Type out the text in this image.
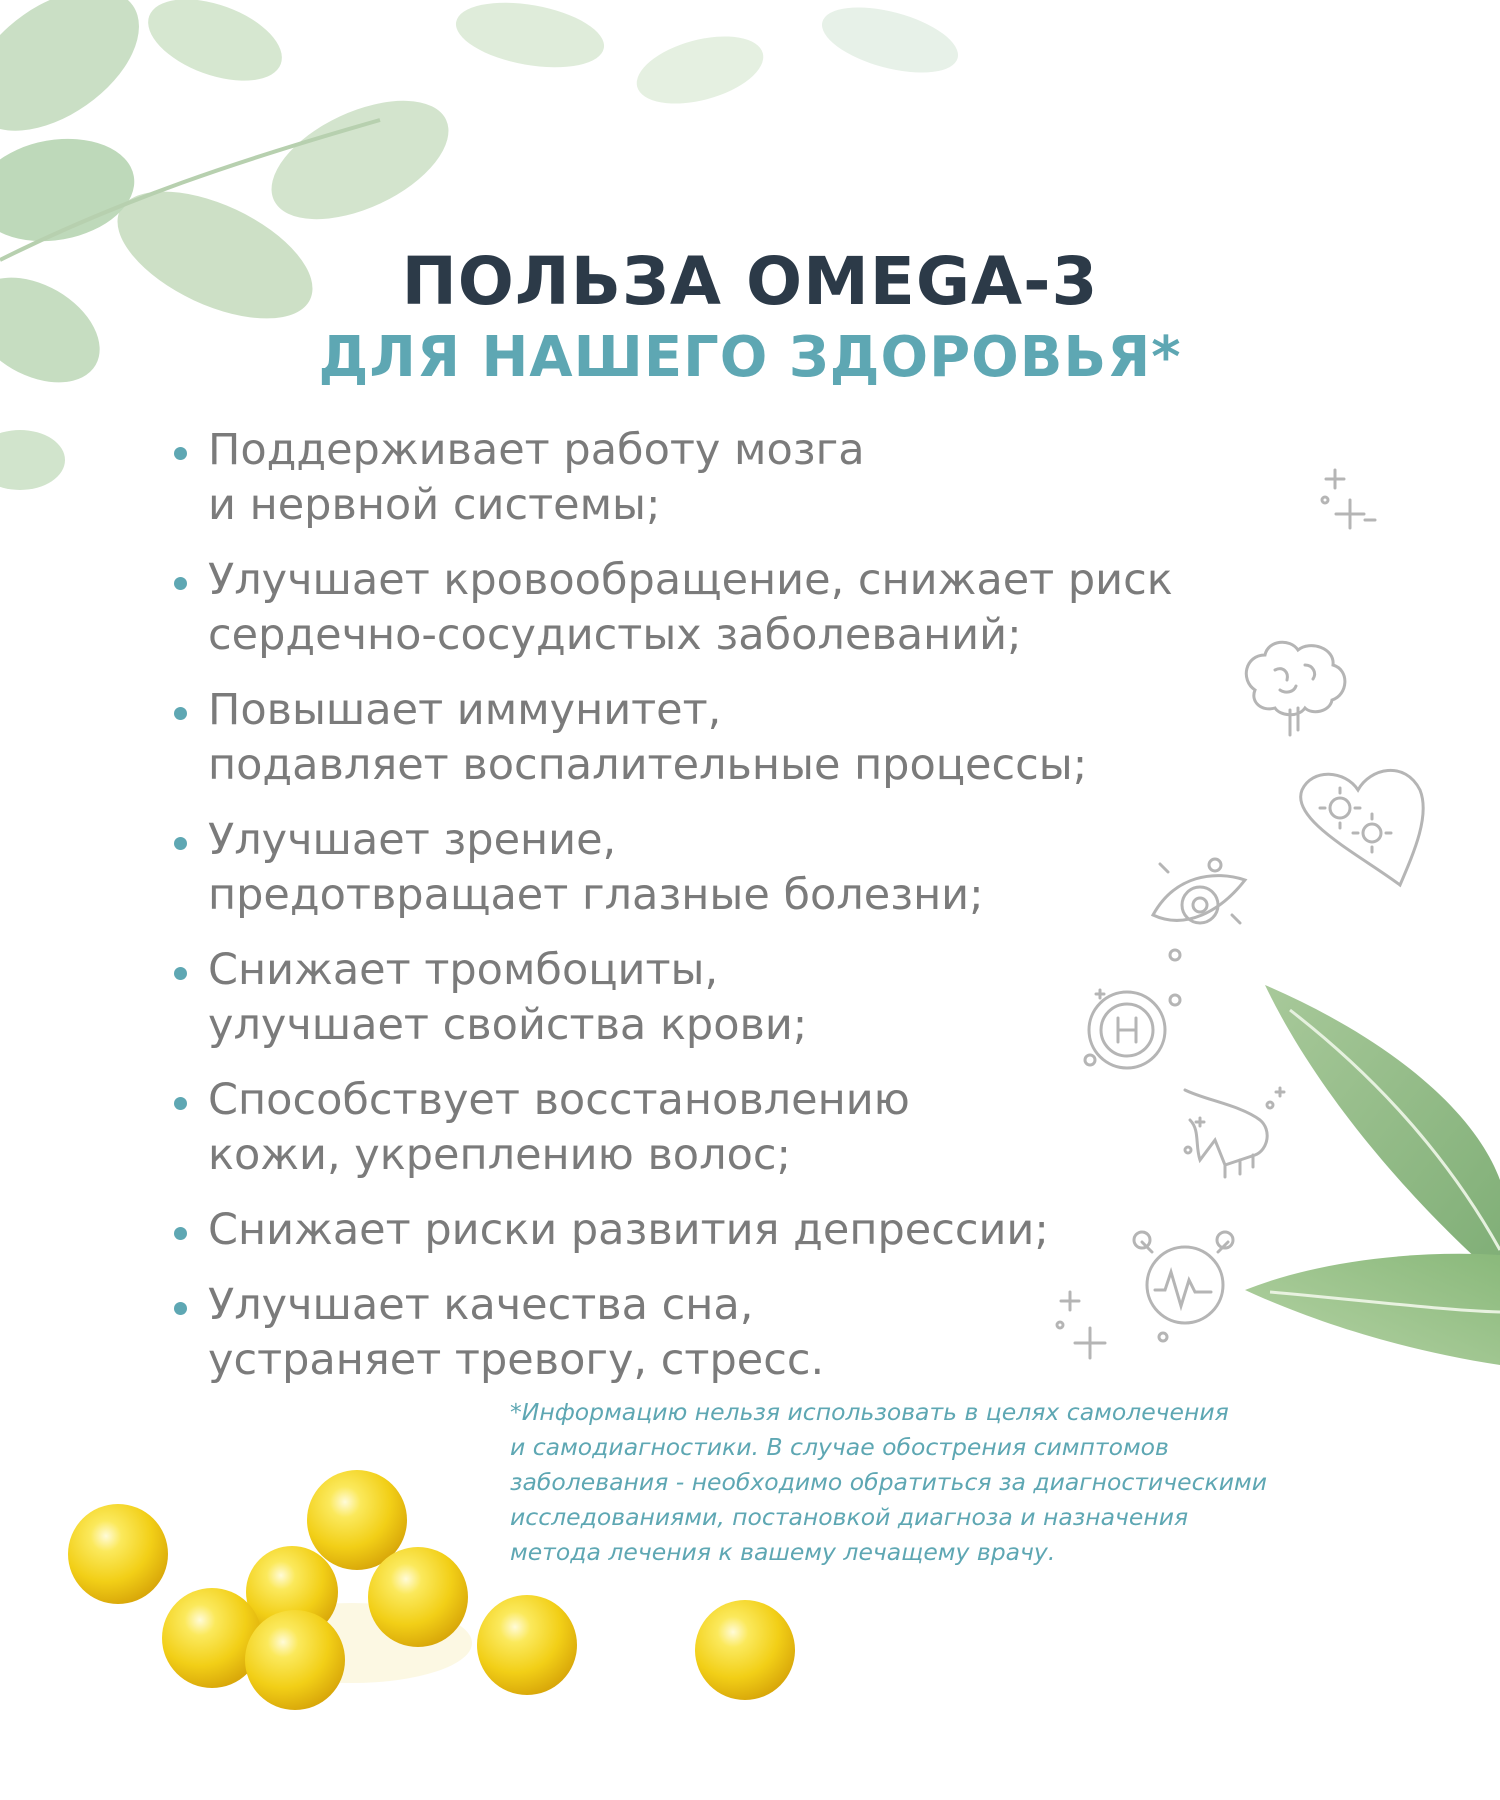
ПОЛЬЗА OMEGA-3
ДЛЯ НАШЕГО ЗДОРОВЬЯ*
Поддерживает работу мозга
и нервной системы;
Улучшает кровообращение, снижает риск
сердечно-сосудистых заболеваний;
Повышает иммунитет,
подавляет воспалительные процессы;
Улучшает зрение,
предотвращает глазные болезни;
Снижает тромбоциты,
улучшает свойства крови;
Способствует восстановлению
кожи, укреплению волос;
Снижает риски развития депрессии;
Улучшает качества сна,
устраняет тревогу, стресс.

*Информацию нельзя использовать в целях самолечения
и самодиагностики. В случае обострения симптомов
заболевания - необходимо обратиться за диагностическими
исследованиями, постановкой диагноза и назначения
метода лечения к вашему лечащему врачу.
